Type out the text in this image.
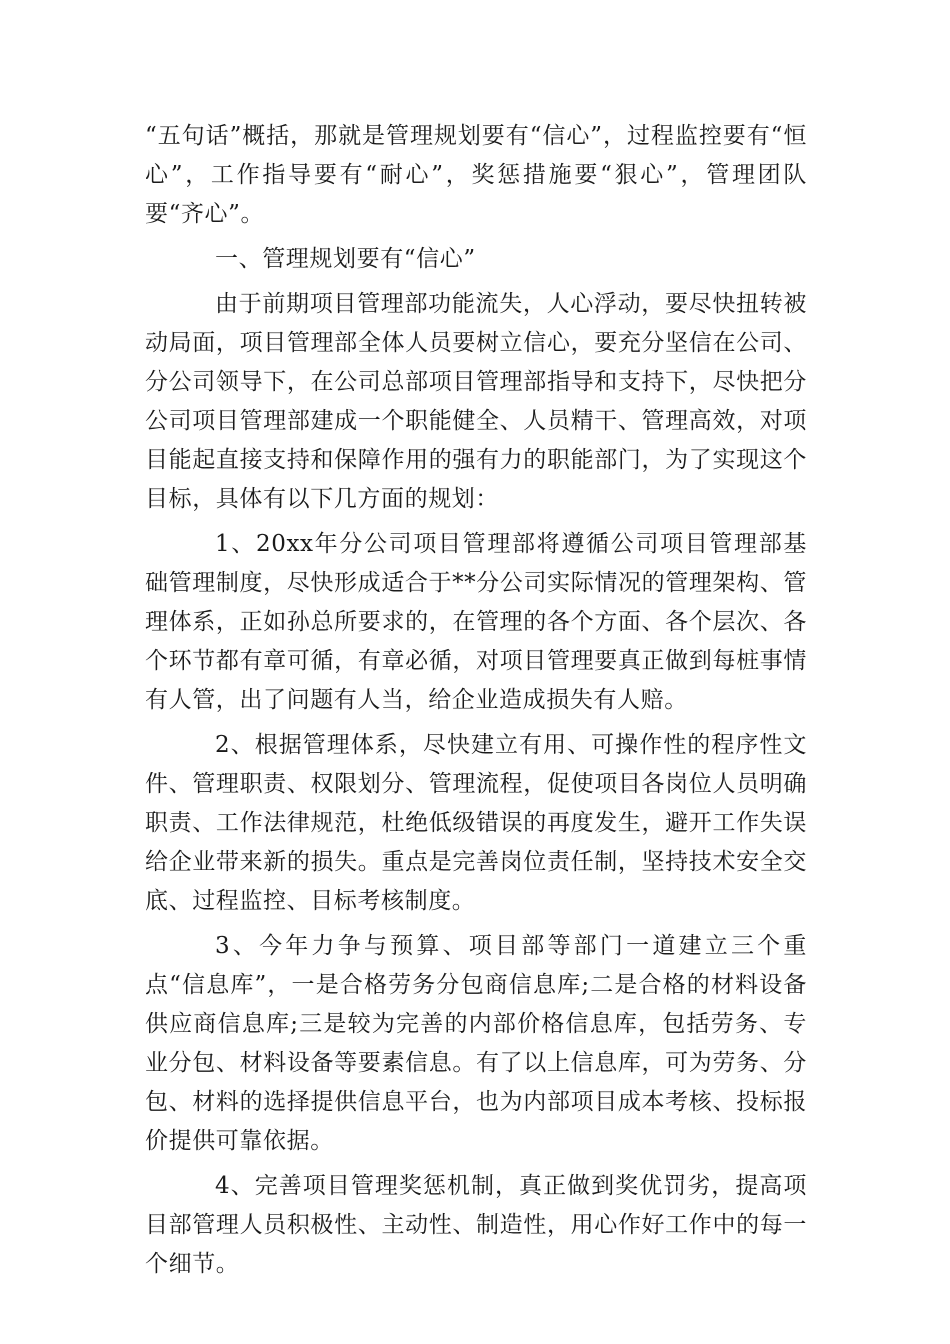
“五句话”概括，那就是管理规划要有“信心”，过程监控要有“恒心”，工作指导要有“耐心”，奖惩措施要“狠心”，管理团队要“齐心”。

一、管理规划要有“信心”

由于前期项目管理部功能流失，人心浮动，要尽快扭转被动局面，项目管理部全体人员要树立信心，要充分坚信在公司、分公司领导下，在公司总部项目管理部指导和支持下，尽快把分公司项目管理部建成一个职能健全、人员精干、管理高效，对项目能起直接支持和保障作用的强有力的职能部门，为了实现这个目标，具体有以下几方面的规划：

1、20xx年分公司项目管理部将遵循公司项目管理部基础管理制度，尽快形成适合于**分公司实际情况的管理架构、管理体系，正如孙总所要求的，在管理的各个方面、各个层次、各个环节都有章可循，有章必循，对项目管理要真正做到每桩事情有人管，出了问题有人当，给企业造成损失有人赔。

2、根据管理体系，尽快建立有用、可操作性的程序性文件、管理职责、权限划分、管理流程，促使项目各岗位人员明确职责、工作法律规范，杜绝低级错误的再度发生，避开工作失误给企业带来新的损失。重点是完善岗位责任制，坚持技术安全交底、过程监控、目标考核制度。

3、今年力争与预算、项目部等部门一道建立三个重点“信息库”，一是合格劳务分包商信息库;二是合格的材料设备供应商信息库;三是较为完善的内部价格信息库，包括劳务、专业分包、材料设备等要素信息。有了以上信息库，可为劳务、分包、材料的选择提供信息平台，也为内部项目成本考核、投标报价提供可靠依据。

4、完善项目管理奖惩机制，真正做到奖优罚劣，提高项目部管理人员积极性、主动性、制造性，用心作好工作中的每一个细节。
